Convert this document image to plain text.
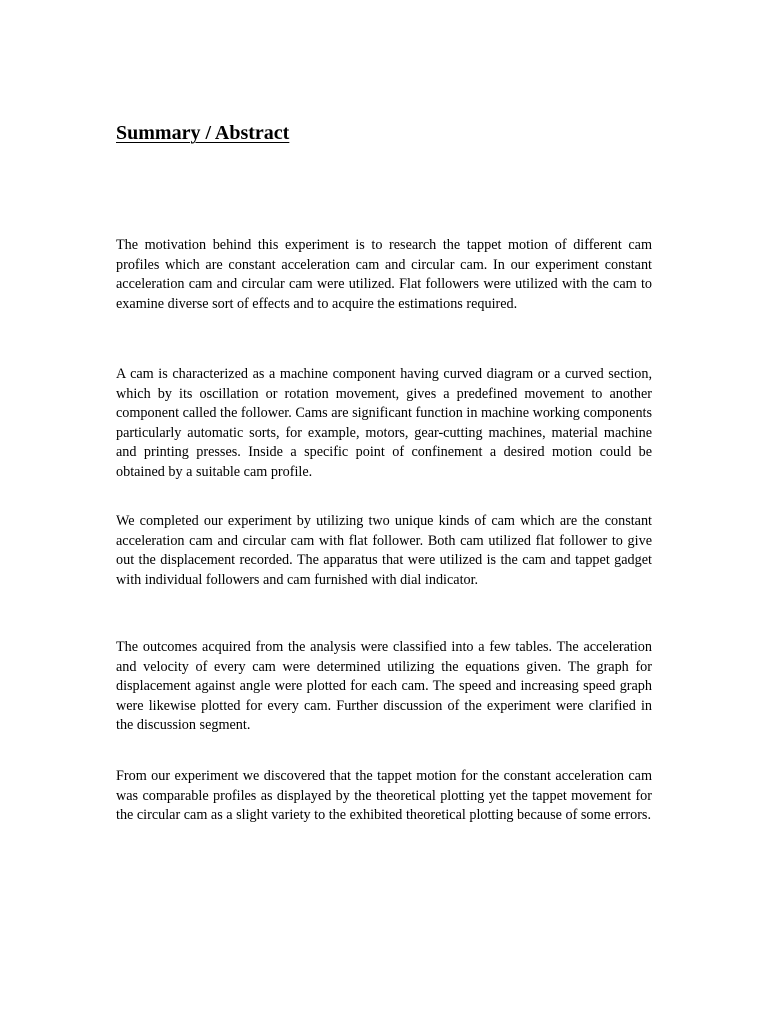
Summary / Abstract

The motivation behind this experiment is to research the tappet motion of different cam profiles which are constant acceleration cam and circular cam. In our experiment constant acceleration cam and circular cam were utilized. Flat followers were utilized with the cam to examine diverse sort of effects and to acquire the estimations required.

A cam is characterized as a machine component having curved diagram or a curved section, which by its oscillation or rotation movement, gives a predefined movement to another component called the follower. Cams are significant function in machine working components particularly automatic sorts, for example, motors, gear-cutting machines, material machine and printing presses. Inside a specific point of confinement a desired motion could be obtained by a suitable cam profile.

We completed our experiment by utilizing two unique kinds of cam which are the constant acceleration cam and circular cam with flat follower. Both cam utilized flat follower to give out the displacement recorded. The apparatus that were utilized is the cam and tappet gadget with individual followers and cam furnished with dial indicator.

The outcomes acquired from the analysis were classified into a few tables. The acceleration and velocity of every cam were determined utilizing the equations given. The graph for displacement against angle were plotted for each cam. The speed and increasing speed graph were likewise plotted for every cam. Further discussion of the experiment were clarified in the discussion segment.

From our experiment we discovered that the tappet motion for the constant acceleration cam was comparable profiles as displayed by the theoretical plotting yet the tappet movement for the circular cam as a slight variety to the exhibited theoretical plotting because of some errors.
